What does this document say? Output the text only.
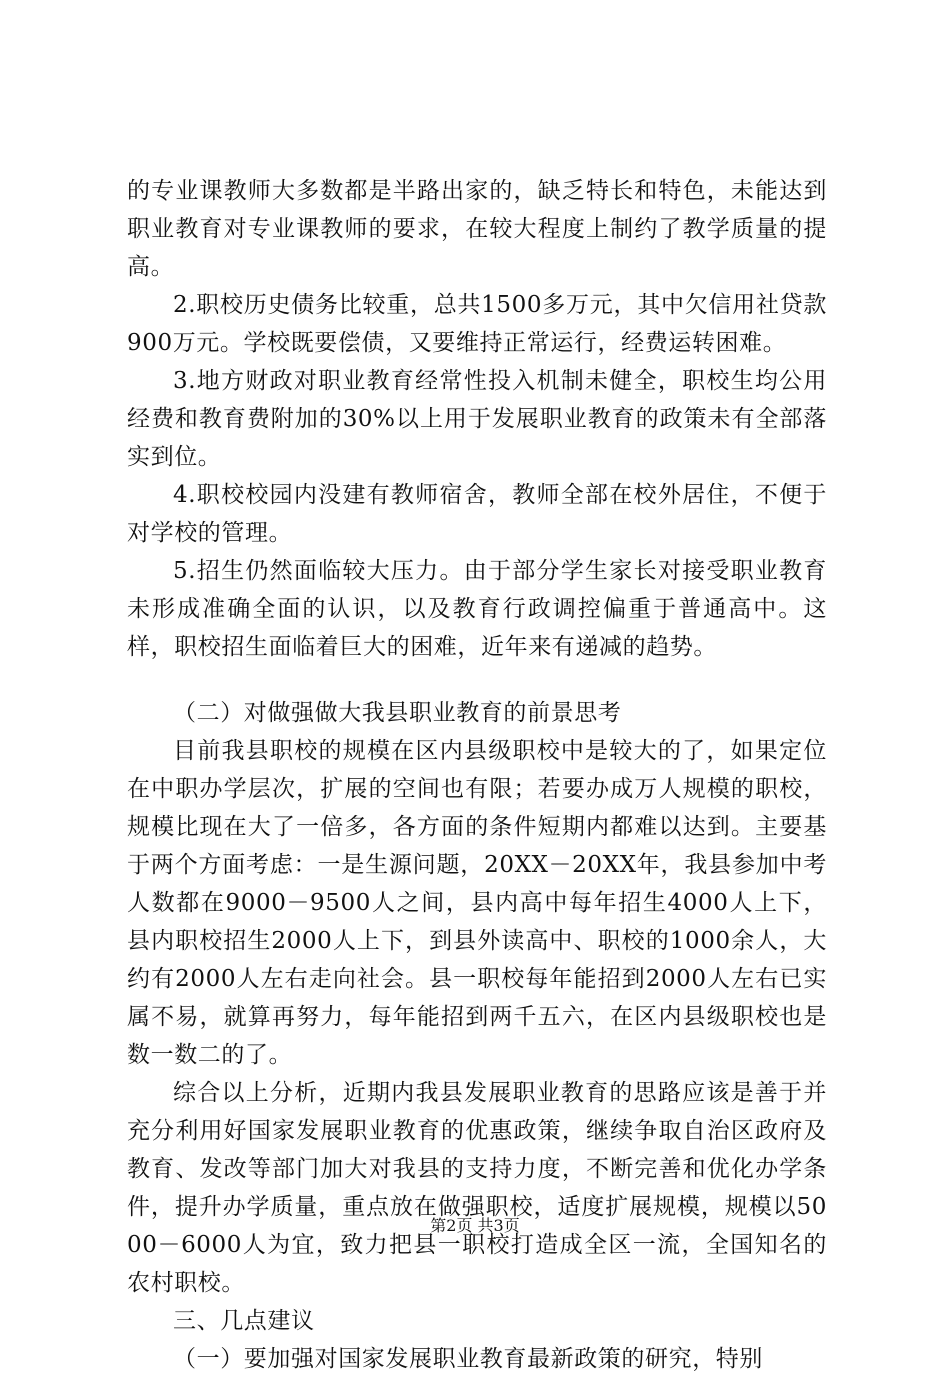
的专业课教师大多数都是半路出家的，缺乏特长和特色，未能达到职业教育对专业课教师的要求，在较大程度上制约了教学质量的提高。

2.职校历史债务比较重，总共1500多万元，其中欠信用社贷款900万元。学校既要偿债，又要维持正常运行，经费运转困难。

3.地方财政对职业教育经常性投入机制未健全，职校生均公用经费和教育费附加的30%以上用于发展职业教育的政策未有全部落实到位。

4.职校校园内没建有教师宿舍，教师全部在校外居住，不便于对学校的管理。

5.招生仍然面临较大压力。由于部分学生家长对接受职业教育未形成准确全面的认识，以及教育行政调控偏重于普通高中。这样，职校招生面临着巨大的困难，近年来有递减的趋势。

（二）对做强做大我县职业教育的前景思考

目前我县职校的规模在区内县级职校中是较大的了，如果定位在中职办学层次，扩展的空间也有限；若要办成万人规模的职校，规模比现在大了一倍多，各方面的条件短期内都难以达到。主要基于两个方面考虑：一是生源问题，20XX－20XX年，我县参加中考人数都在9000－9500人之间，县内高中每年招生4000人上下，县内职校招生2000人上下，到县外读高中、职校的1000余人，大约有2000人左右走向社会。县一职校每年能招到2000人左右已实属不易，就算再努力，每年能招到两千五六，在区内县级职校也是数一数二的了。

综合以上分析，近期内我县发展职业教育的思路应该是善于并充分利用好国家发展职业教育的优惠政策，继续争取自治区政府及教育、发改等部门加大对我县的支持力度，不断完善和优化办学条件，提升办学质量，重点放在做强职校，适度扩展规模，规模以5000－6000人为宜，致力把县一职校打造成全区一流，全国知名的农村职校。

三、几点建议

（一）要加强对国家发展职业教育最新政策的研究，特别

第2页 共3页
